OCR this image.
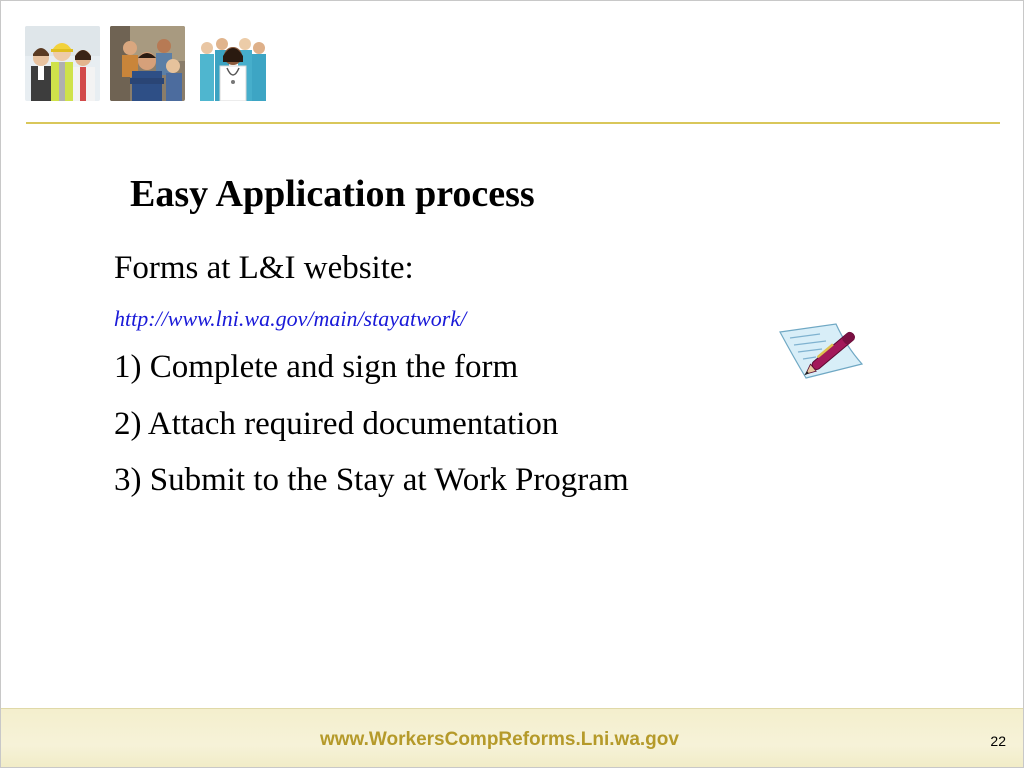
Easy Application process

Forms at L&I website:

http://www.lni.wa.gov/main/stayatwork/

1) Complete and sign the form

2) Attach required documentation

3) Submit to the Stay at Work Program

www.WorkersCompReforms.Lni.wa.gov	22
